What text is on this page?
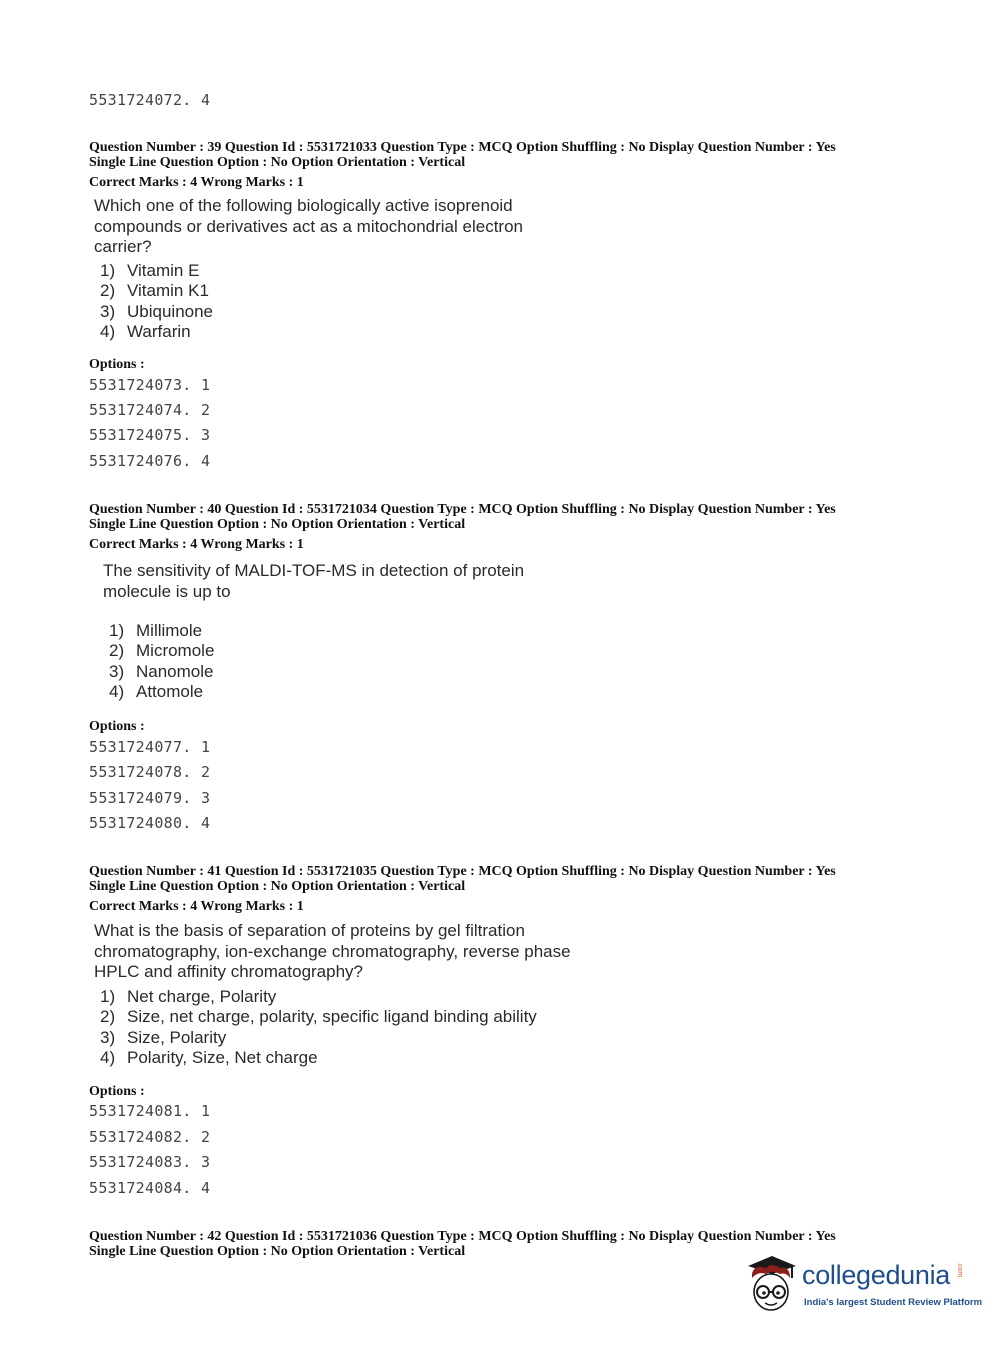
5531724072. 4
Question Number : 39 Question Id : 5531721033 Question Type : MCQ Option Shuffling : No Display Question Number : Yes
Single Line Question Option : No Option Orientation : Vertical
Correct Marks : 4 Wrong Marks : 1
Which one of the following biologically active isoprenoid
compounds or derivatives act as a mitochondrial electron
carrier?
1) Vitamin E
2) Vitamin K1
3) Ubiquinone
4) Warfarin
Options :
5531724073. 1
5531724074. 2
5531724075. 3
5531724076. 4
Question Number : 40 Question Id : 5531721034 Question Type : MCQ Option Shuffling : No Display Question Number : Yes
Single Line Question Option : No Option Orientation : Vertical
Correct Marks : 4 Wrong Marks : 1
The sensitivity of MALDI-TOF-MS in detection of protein
molecule is up to
1) Millimole
2) Micromole
3) Nanomole
4) Attomole
Options :
5531724077. 1
5531724078. 2
5531724079. 3
5531724080. 4
Question Number : 41 Question Id : 5531721035 Question Type : MCQ Option Shuffling : No Display Question Number : Yes
Single Line Question Option : No Option Orientation : Vertical
Correct Marks : 4 Wrong Marks : 1
What is the basis of separation of proteins by gel filtration
chromatography, ion-exchange chromatography, reverse phase
HPLC and affinity chromatography?
1) Net charge, Polarity
2) Size, net charge, polarity, specific ligand binding ability
3) Size, Polarity
4) Polarity, Size, Net charge
Options :
5531724081. 1
5531724082. 2
5531724083. 3
5531724084. 4
Question Number : 42 Question Id : 5531721036 Question Type : MCQ Option Shuffling : No Display Question Number : Yes
Single Line Question Option : No Option Orientation : Vertical
collegedunia .com
India's largest Student Review Platform
